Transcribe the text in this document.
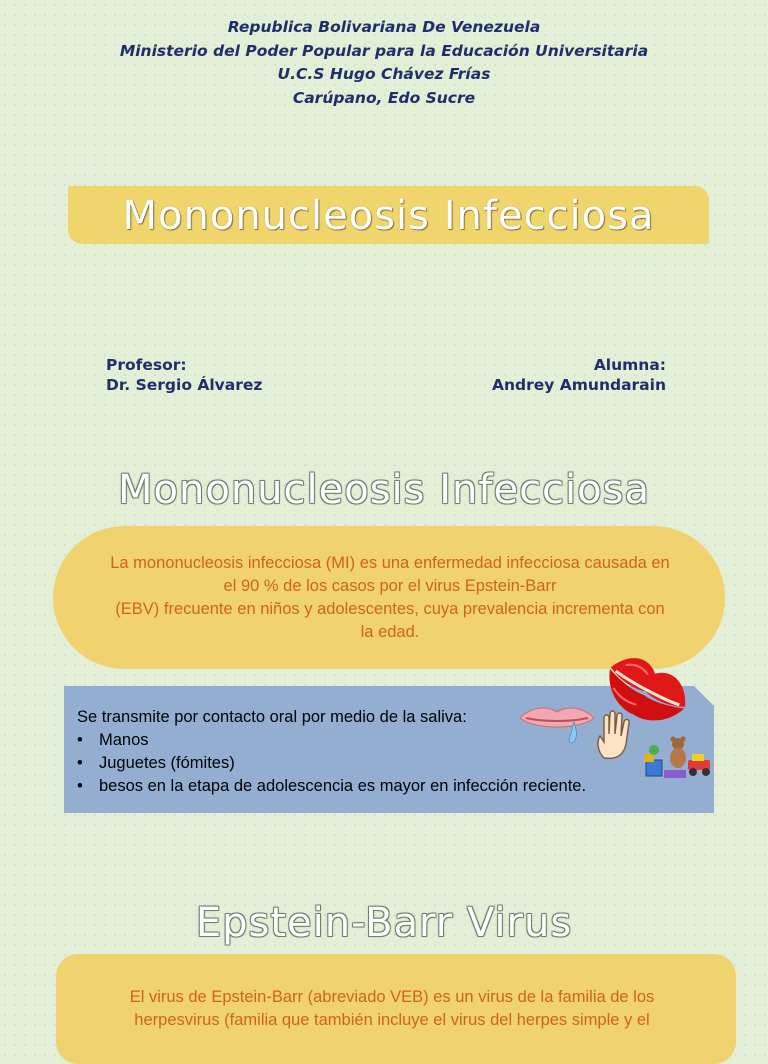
Republica Bolivariana De Venezuela
Ministerio del Poder Popular para la Educación Universitaria
U.C.S Hugo Chávez Frías
Carúpano, Edo Sucre
Mononucleosis Infecciosa
Profesor:
Dr. Sergio Álvarez
Alumna:
Andrey Amundarain
Mononucleosis Infecciosa
La mononucleosis infecciosa (MI) es una enfermedad infecciosa causada en
el 90 % de los casos por el virus Epstein-Barr
(EBV) frecuente en niños y adolescentes, cuya prevalencia incrementa con
la edad.
Se transmite por contacto oral por medio de la saliva:
• Manos
• Juguetes (fómites)
• besos en la etapa de adolescencia es mayor en infección reciente.
Epstein-Barr Virus
El virus de Epstein-Barr (abreviado VEB) es un virus de la familia de los
herpesvirus (familia que también incluye el virus del herpes simple y el
